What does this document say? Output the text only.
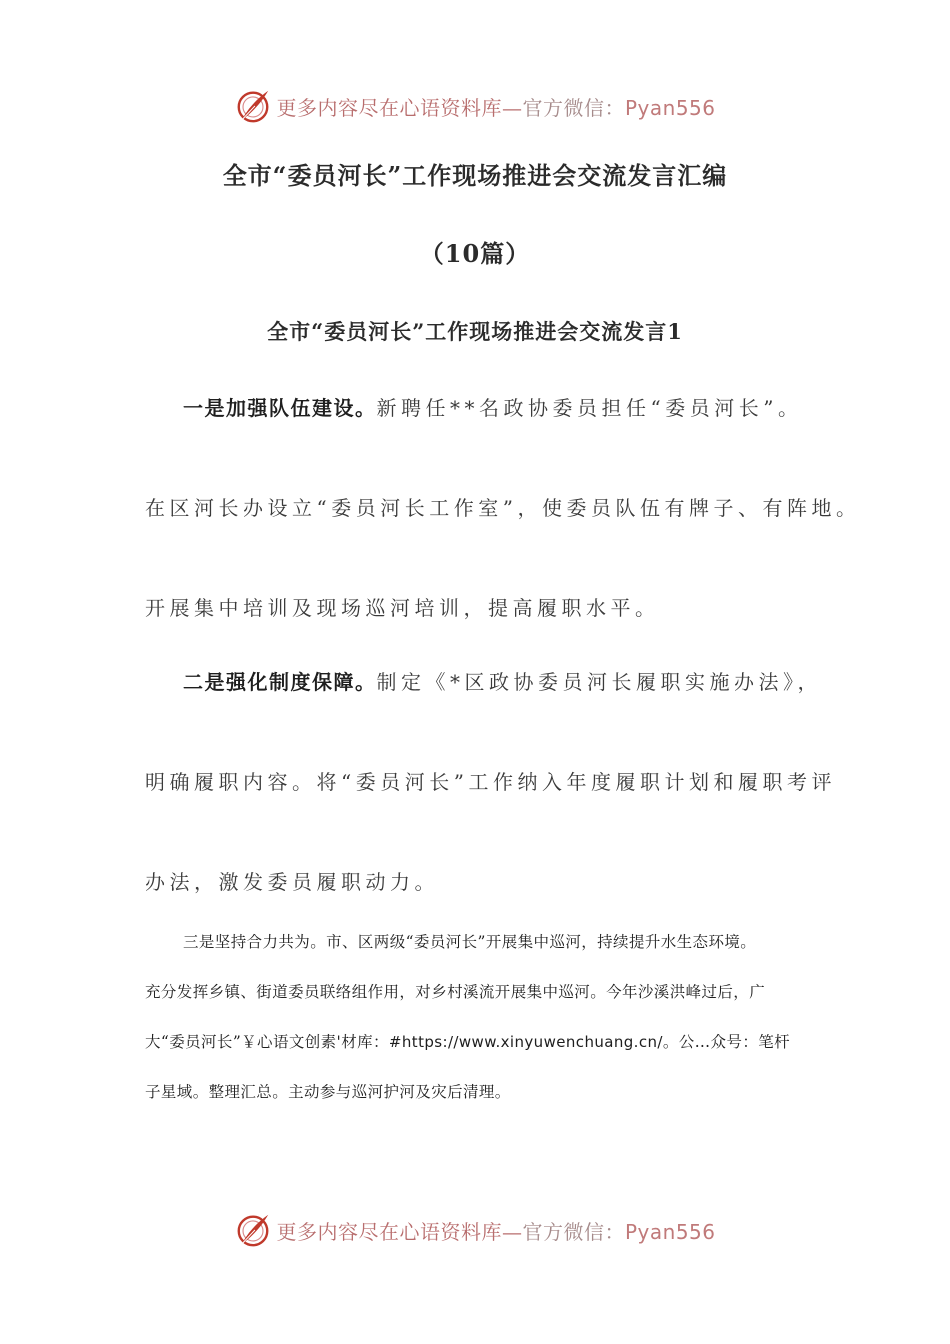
更多内容尽在心语资料库—官方微信：Pyan556
全市“委员河长”工作现场推进会交流发言汇编
（10篇）
全市“委员河长”工作现场推进会交流发言1
一是加强队伍建设。新聘任**名政协委员担任“委员河长”。
在区河长办设立“委员河长工作室”，使委员队伍有牌子、有阵地。
开展集中培训及现场巡河培训，提高履职水平。
二是强化制度保障。制定《*区政协委员河长履职实施办法》，
明确履职内容。将“委员河长”工作纳入年度履职计划和履职考评
办法，激发委员履职动力。
三是坚持合力共为。市、区两级“委员河长”开展集中巡河，持续提升水生态环境。
充分发挥乡镇、街道委员联络组作用，对乡村溪流开展集中巡河。今年沙溪洪峰过后，广
大“委员河长”￥心语文创素'材库：#https://www.xinyuwenchuang.cn/。公…众号：笔杆
子星域。整理汇总。主动参与巡河护河及灾后清理。
更多内容尽在心语资料库—官方微信：Pyan556
